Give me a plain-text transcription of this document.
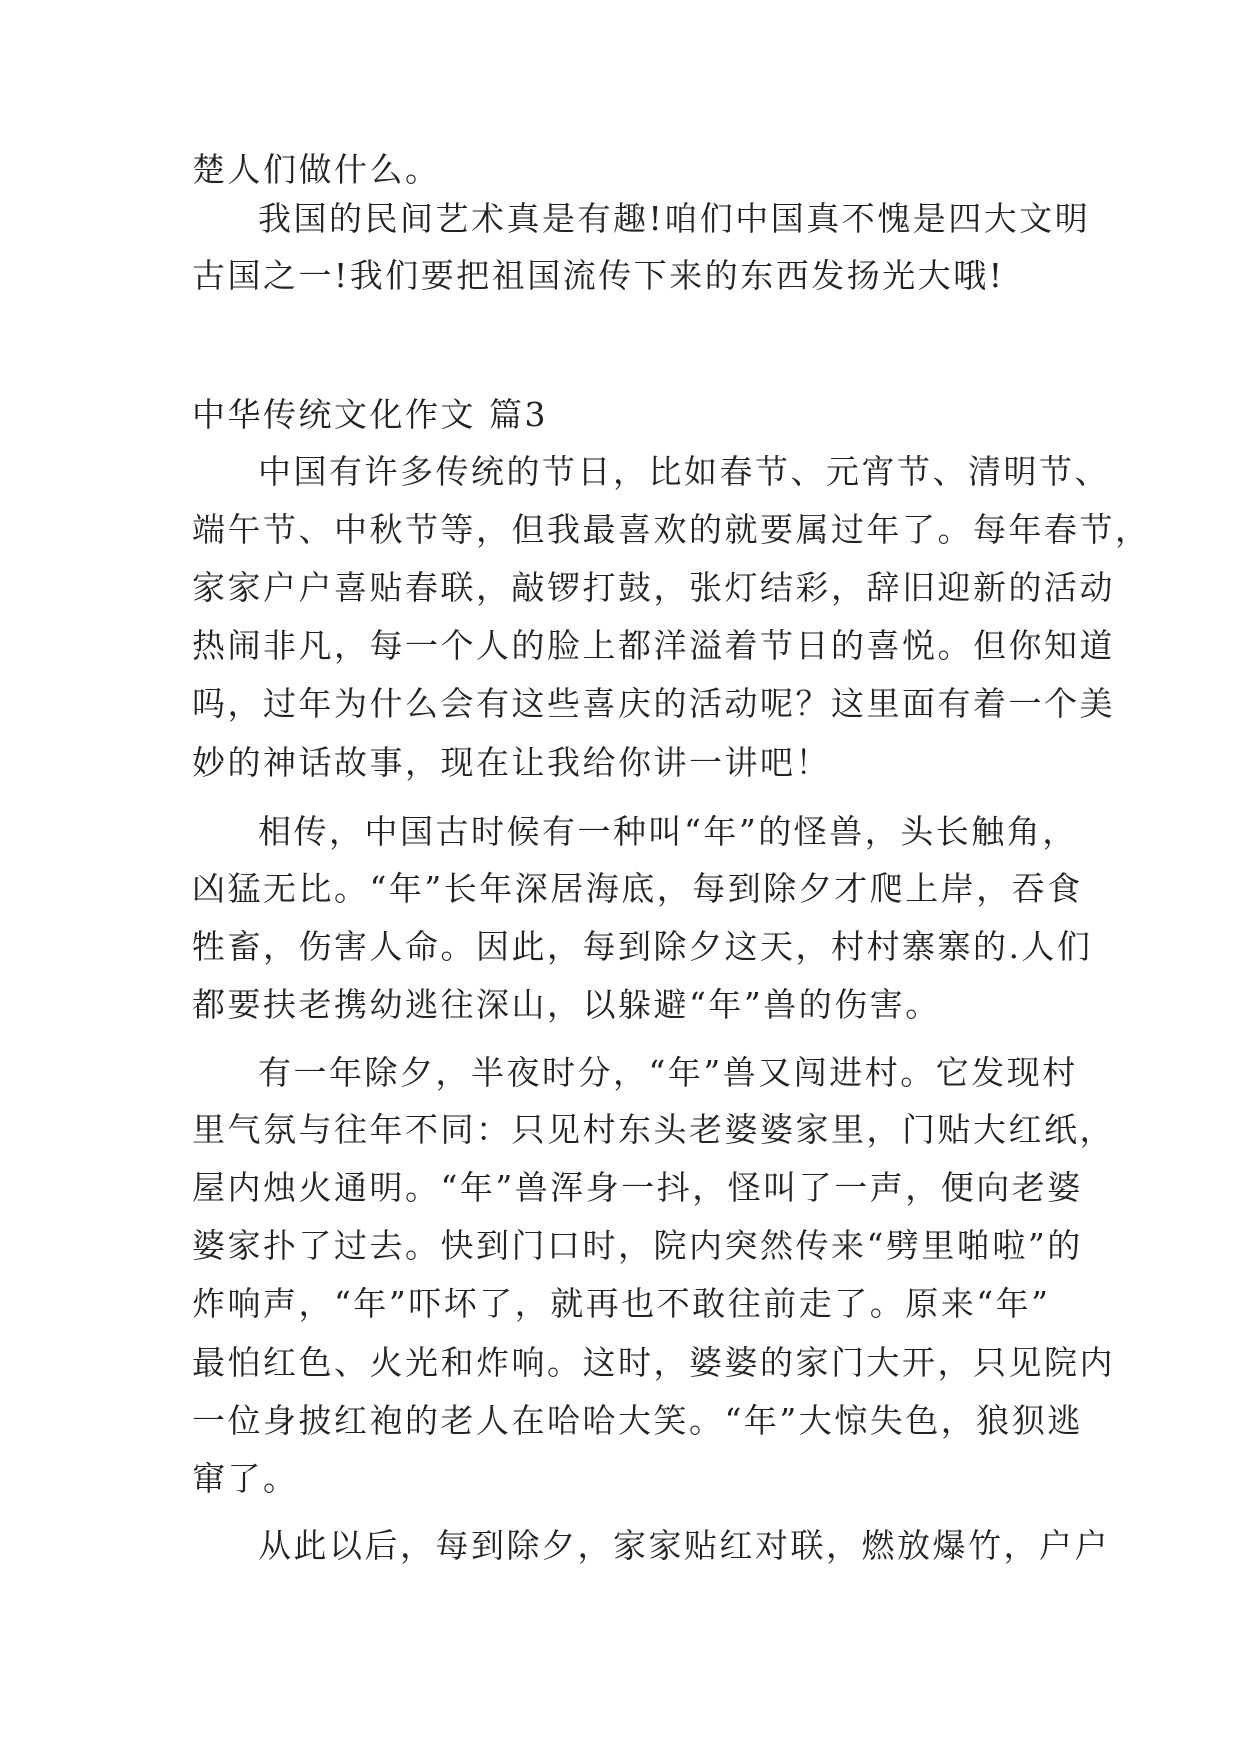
楚人们做什么。
我国的民间艺术真是有趣!咱们中国真不愧是四大文明
古国之一!我们要把祖国流传下来的东西发扬光大哦!
中华传统文化作文 篇3
中国有许多传统的节日，比如春节、元宵节、清明节、
端午节、中秋节等，但我最喜欢的就要属过年了。每年春节，
家家户户喜贴春联，敲锣打鼓，张灯结彩，辞旧迎新的活动
热闹非凡，每一个人的脸上都洋溢着节日的喜悦。但你知道
吗，过年为什么会有这些喜庆的活动呢？这里面有着一个美
妙的神话故事，现在让我给你讲一讲吧！
相传，中国古时候有一种叫“年”的怪兽，头长触角，
凶猛无比。“年”长年深居海底，每到除夕才爬上岸，吞食
牲畜，伤害人命。因此，每到除夕这天，村村寨寨的.人们
都要扶老携幼逃往深山，以躲避“年”兽的伤害。
有一年除夕，半夜时分，“年”兽又闯进村。它发现村
里气氛与往年不同：只见村东头老婆婆家里，门贴大红纸，
屋内烛火通明。“年”兽浑身一抖，怪叫了一声，便向老婆
婆家扑了过去。快到门口时，院内突然传来“劈里啪啦”的
炸响声，“年”吓坏了，就再也不敢往前走了。原来“年”
最怕红色、火光和炸响。这时，婆婆的家门大开，只见院内
一位身披红袍的老人在哈哈大笑。“年”大惊失色，狼狈逃
窜了。
从此以后，每到除夕，家家贴红对联，燃放爆竹，户户
